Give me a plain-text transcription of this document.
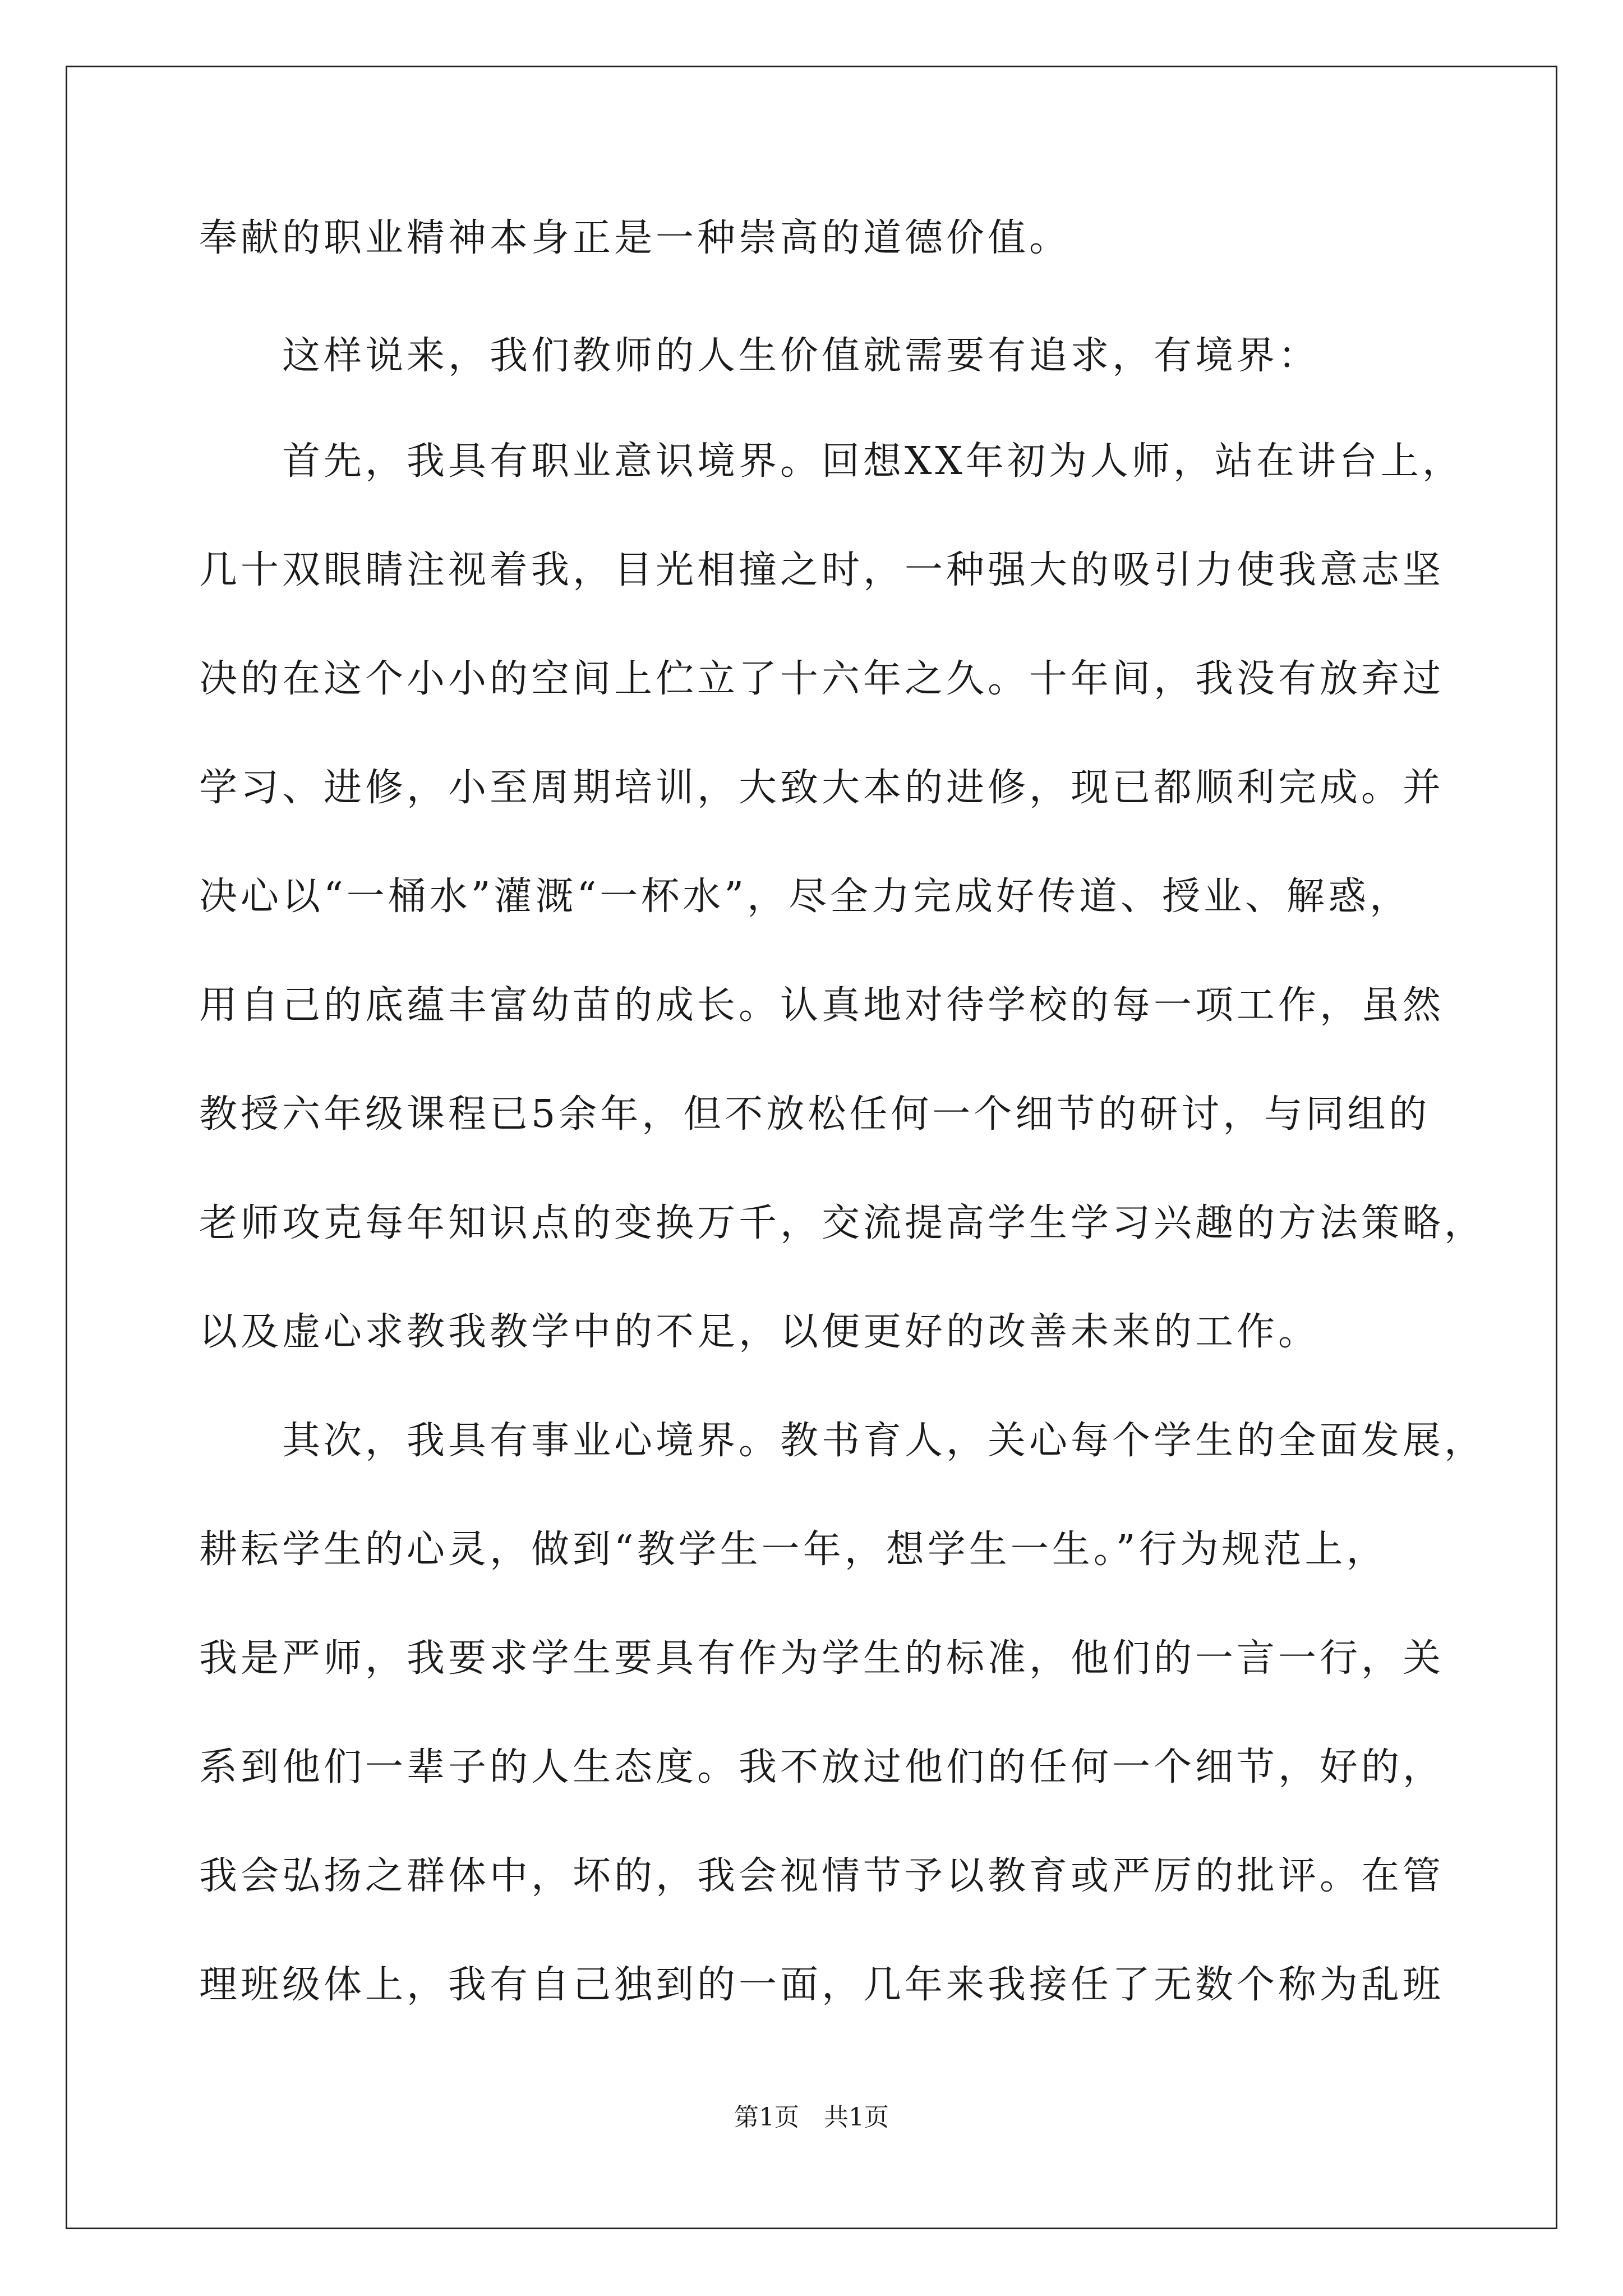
奉献的职业精神本身正是一种崇高的道德价值。
这样说来，我们教师的人生价值就需要有追求，有境界：
首先，我具有职业意识境界。回想XX年初为人师，站在讲台上，
几十双眼睛注视着我，目光相撞之时，一种强大的吸引力使我意志坚
决的在这个小小的空间上伫立了十六年之久。十年间，我没有放弃过
学习、进修，小至周期培训，大致大本的进修，现已都顺利完成。并
决心以“一桶水”灌溉“一杯水”，尽全力完成好传道、授业、解惑，
用自己的底蕴丰富幼苗的成长。认真地对待学校的每一项工作，虽然
教授六年级课程已5余年，但不放松任何一个细节的研讨，与同组的
老师攻克每年知识点的变换万千，交流提高学生学习兴趣的方法策略，
以及虚心求教我教学中的不足，以便更好的改善未来的工作。
其次，我具有事业心境界。教书育人，关心每个学生的全面发展，
耕耘学生的心灵，做到“教学生一年，想学生一生。”行为规范上，
我是严师，我要求学生要具有作为学生的标准，他们的一言一行，关
系到他们一辈子的人生态度。我不放过他们的任何一个细节，好的，
我会弘扬之群体中，坏的，我会视情节予以教育或严厉的批评。在管
理班级体上，我有自己独到的一面，几年来我接任了无数个称为乱班
第1页　共1页
